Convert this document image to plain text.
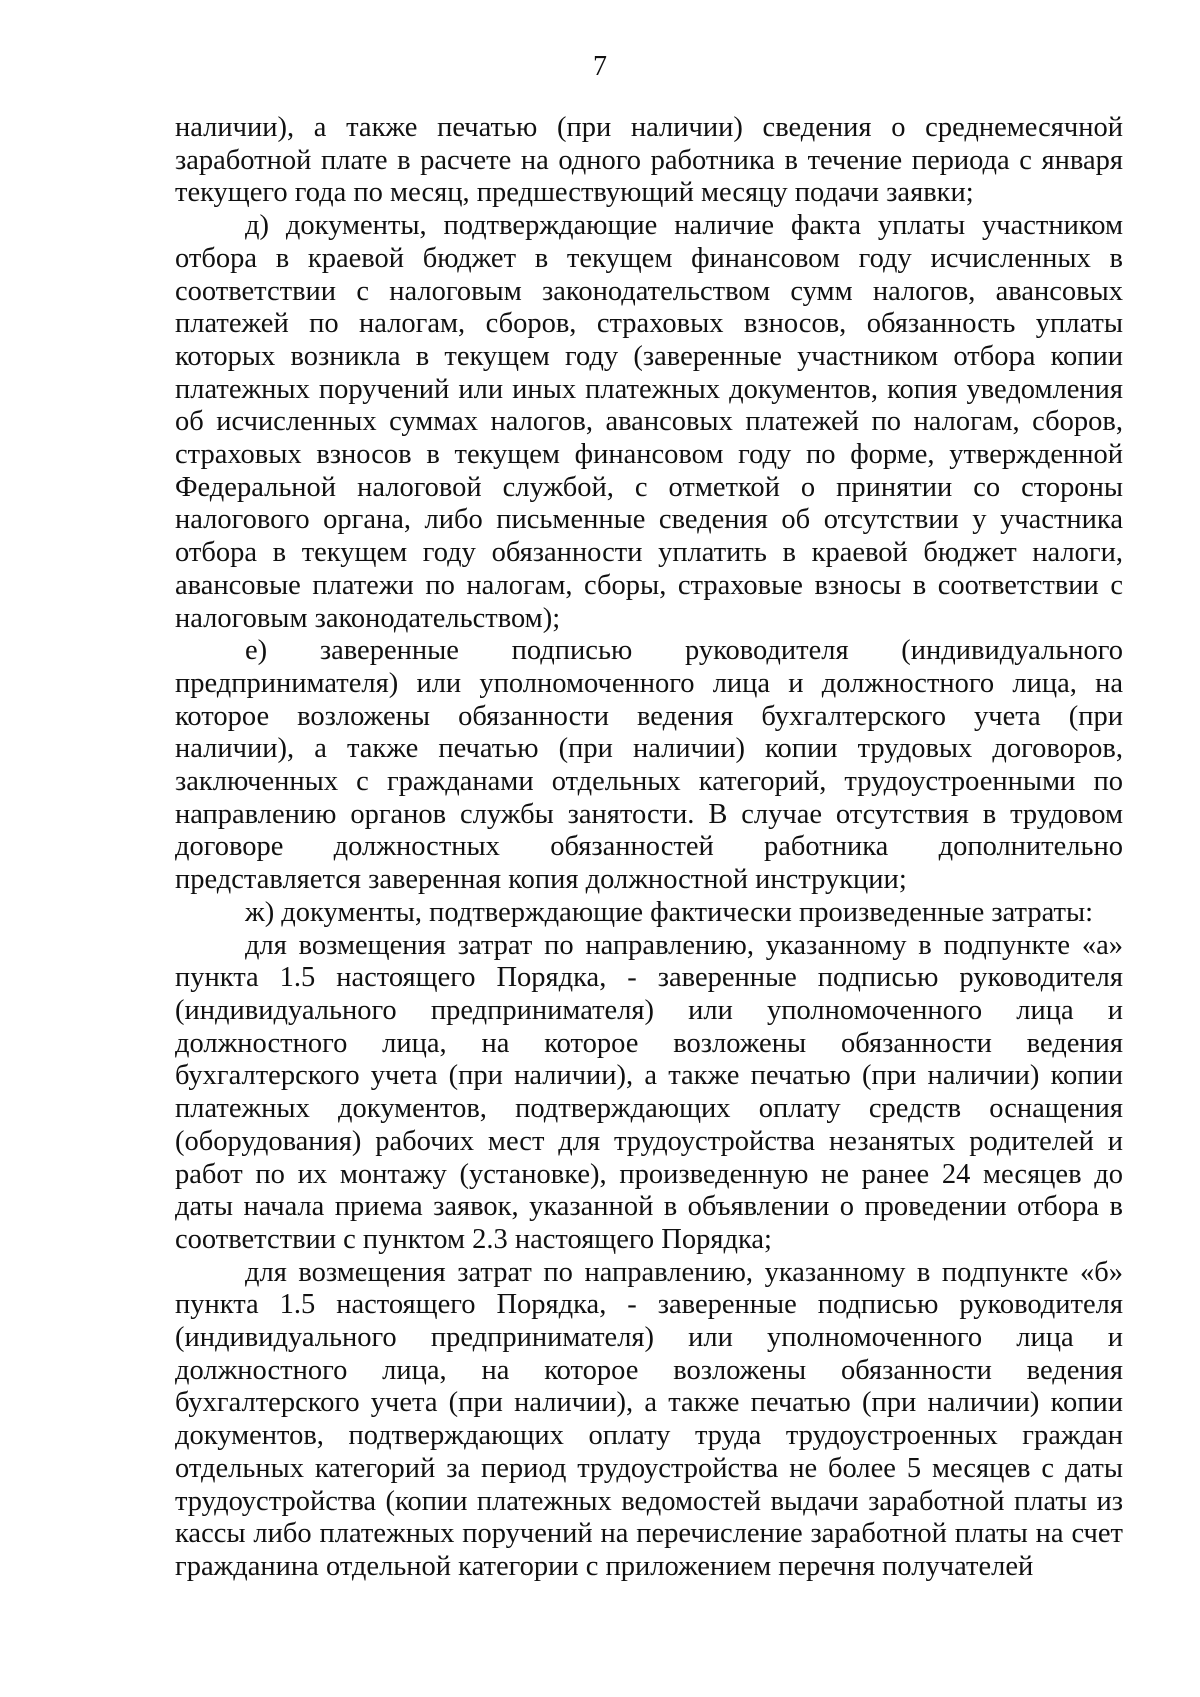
7

наличии), а также печатью (при наличии) сведения о среднемесячной заработной плате в расчете на одного работника в течение периода с января текущего года по месяц, предшествующий месяцу подачи заявки;

д) документы, подтверждающие наличие факта уплаты участником отбора в краевой бюджет в текущем финансовом году исчисленных в соответствии с налоговым законодательством сумм налогов, авансовых платежей по налогам, сборов, страховых взносов, обязанность уплаты которых возникла в текущем году (заверенные участником отбора копии платежных поручений или иных платежных документов, копия уведомления об исчисленных суммах налогов, авансовых платежей по налогам, сборов, страховых взносов в текущем финансовом году по форме, утвержденной Федеральной налоговой службой, с отметкой о принятии со стороны налогового органа, либо письменные сведения об отсутствии у участника отбора в текущем году обязанности уплатить в краевой бюджет налоги, авансовые платежи по налогам, сборы, страховые взносы в соответствии с налоговым законодательством);

е) заверенные подписью руководителя (индивидуального предпринимателя) или уполномоченного лица и должностного лица, на которое возложены обязанности ведения бухгалтерского учета (при наличии), а также печатью (при наличии) копии трудовых договоров, заключенных с гражданами отдельных категорий, трудоустроенными по направлению органов службы занятости. В случае отсутствия в трудовом договоре должностных обязанностей работника дополнительно представляется заверенная копия должностной инструкции;

ж) документы, подтверждающие фактически произведенные затраты:

для возмещения затрат по направлению, указанному в подпункте «а» пункта 1.5 настоящего Порядка, - заверенные подписью руководителя (индивидуального предпринимателя) или уполномоченного лица и должностного лица, на которое возложены обязанности ведения бухгалтерского учета (при наличии), а также печатью (при наличии) копии платежных документов, подтверждающих оплату средств оснащения (оборудования) рабочих мест для трудоустройства незанятых родителей и работ по их монтажу (установке), произведенную не ранее 24 месяцев до даты начала приема заявок, указанной в объявлении о проведении отбора в соответствии с пунктом 2.3 настоящего Порядка;

для возмещения затрат по направлению, указанному в подпункте «б» пункта 1.5 настоящего Порядка, - заверенные подписью руководителя (индивидуального предпринимателя) или уполномоченного лица и должностного лица, на которое возложены обязанности ведения бухгалтерского учета (при наличии), а также печатью (при наличии) копии документов, подтверждающих оплату труда трудоустроенных граждан отдельных категорий за период трудоустройства не более 5 месяцев с даты трудоустройства (копии платежных ведомостей выдачи заработной платы из кассы либо платежных поручений на перечисление заработной платы на счет гражданина отдельной категории с приложением перечня получателей
